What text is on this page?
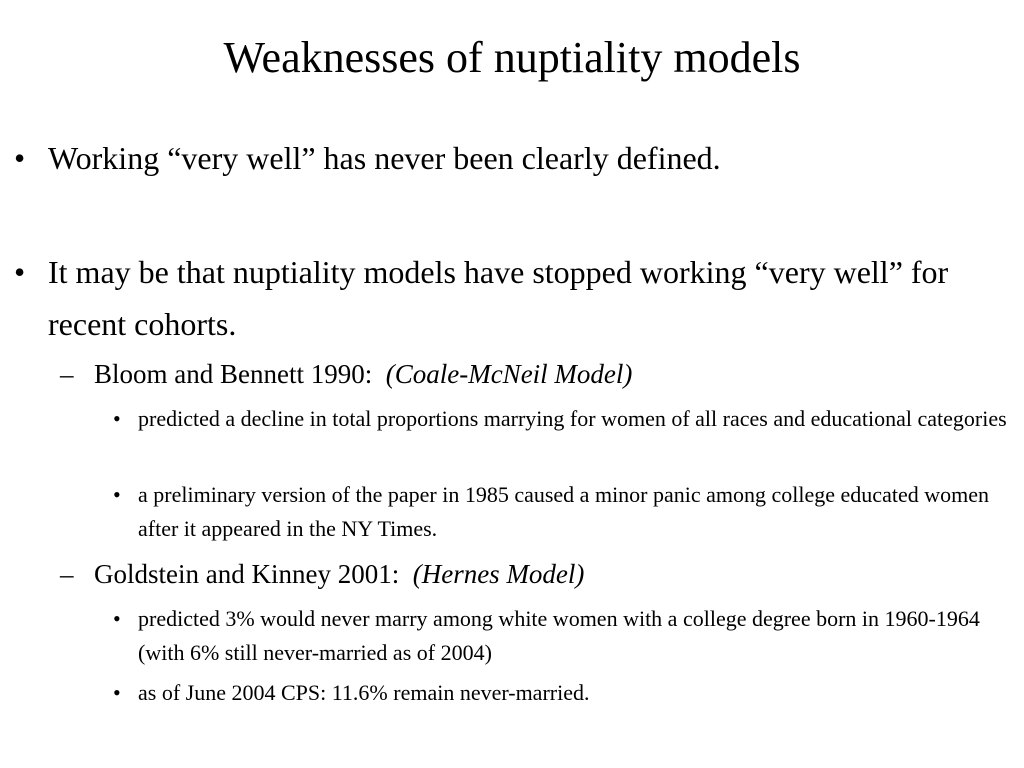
Weaknesses of nuptiality models
• Working “very well” has never been clearly defined.
• It may be that nuptiality models have stopped working “very well” for recent cohorts.
– Bloom and Bennett 1990: (Coale-McNeil Model)
• predicted a decline in total proportions marrying for women of all races and educational categories
• a preliminary version of the paper in 1985 caused a minor panic among college educated women after it appeared in the NY Times.
– Goldstein and Kinney 2001: (Hernes Model)
• predicted 3% would never marry among white women with a college degree born in 1960-1964 (with 6% still never-married as of 2004)
• as of June 2004 CPS: 11.6% remain never-married.
